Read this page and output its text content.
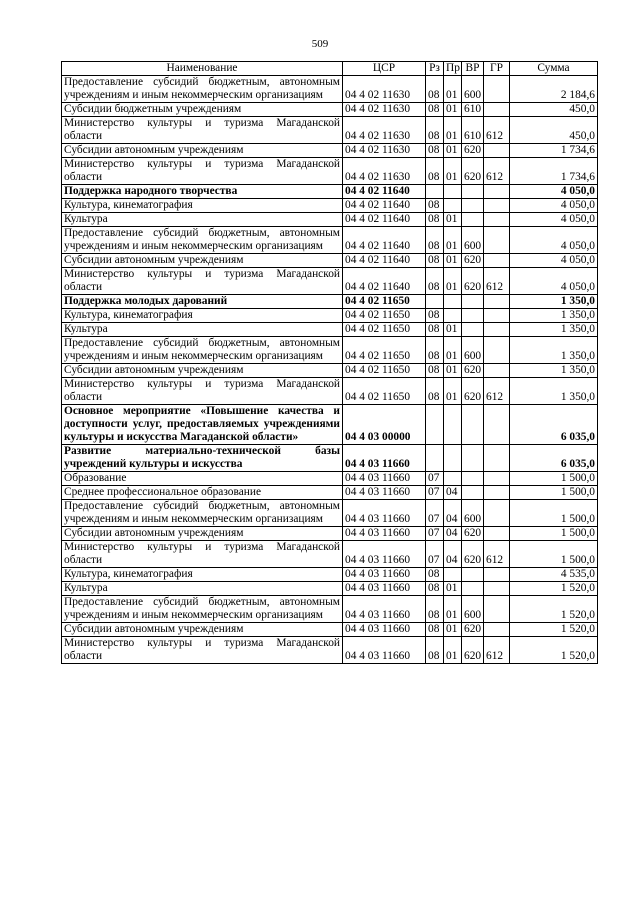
509
Наименование	ЦСР	Рз	Пр	ВР	ГР	Сумма
Предоставление субсидий бюджетным, автономным учреждениям и иным некоммерческим организациям	04 4 02 11630	08	01	600		2 184,6
Субсидии бюджетным учреждениям	04 4 02 11630	08	01	610		450,0
Министерство культуры и туризма Магаданской области	04 4 02 11630	08	01	610	612	450,0
Субсидии автономным учреждениям	04 4 02 11630	08	01	620		1 734,6
Министерство культуры и туризма Магаданской области	04 4 02 11630	08	01	620	612	1 734,6
Поддержка народного творчества	04 4 02 11640					4 050,0
Культура, кинематография	04 4 02 11640	08				4 050,0
Культура	04 4 02 11640	08	01			4 050,0
Предоставление субсидий бюджетным, автономным учреждениям и иным некоммерческим организациям	04 4 02 11640	08	01	600		4 050,0
Субсидии автономным учреждениям	04 4 02 11640	08	01	620		4 050,0
Министерство культуры и туризма Магаданской области	04 4 02 11640	08	01	620	612	4 050,0
Поддержка молодых дарований	04 4 02 11650					1 350,0
Культура, кинематография	04 4 02 11650	08				1 350,0
Культура	04 4 02 11650	08	01			1 350,0
Предоставление субсидий бюджетным, автономным учреждениям и иным некоммерческим организациям	04 4 02 11650	08	01	600		1 350,0
Субсидии автономным учреждениям	04 4 02 11650	08	01	620		1 350,0
Министерство культуры и туризма Магаданской области	04 4 02 11650	08	01	620	612	1 350,0
Основное мероприятие «Повышение качества и доступности услуг, предоставляемых учреждениями культуры и искусства Магаданской области»	04 4 03 00000					6 035,0
Развитие материально-технической базы учреждений культуры и искусства	04 4 03 11660					6 035,0
Образование	04 4 03 11660	07				1 500,0
Среднее профессиональное образование	04 4 03 11660	07	04			1 500,0
Предоставление субсидий бюджетным, автономным учреждениям и иным некоммерческим организациям	04 4 03 11660	07	04	600		1 500,0
Субсидии автономным учреждениям	04 4 03 11660	07	04	620		1 500,0
Министерство культуры и туризма Магаданской области	04 4 03 11660	07	04	620	612	1 500,0
Культура, кинематография	04 4 03 11660	08				4 535,0
Культура	04 4 03 11660	08	01			1 520,0
Предоставление субсидий бюджетным, автономным учреждениям и иным некоммерческим организациям	04 4 03 11660	08	01	600		1 520,0
Субсидии автономным учреждениям	04 4 03 11660	08	01	620		1 520,0
Министерство культуры и туризма Магаданской области	04 4 03 11660	08	01	620	612	1 520,0
